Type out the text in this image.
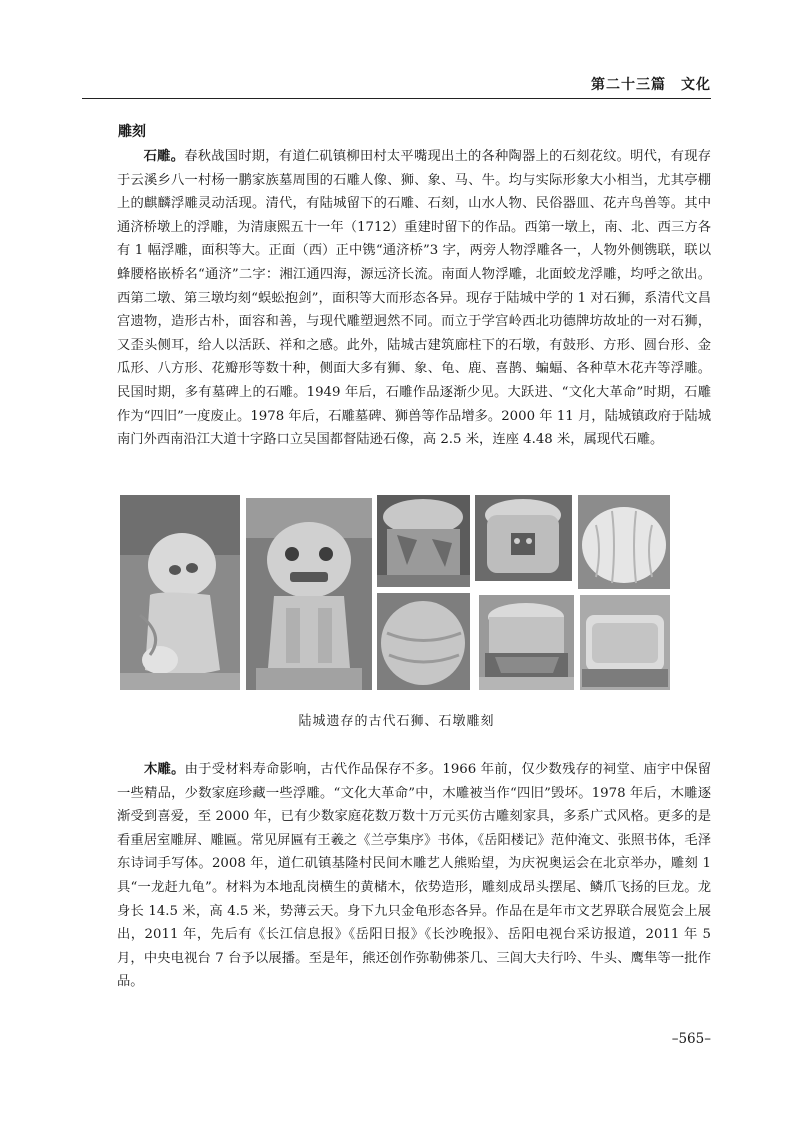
第二十三篇　文化
雕刻

石雕。春秋战国时期，有道仁矶镇柳田村太平嘴现出土的各种陶器上的石刻花纹。明代，有现存于云溪乡八一村杨一鹏家族墓周围的石雕人像、狮、象、马、牛。均与实际形象大小相当，尤其亭棚上的麒麟浮雕灵动活现。清代，有陆城留下的石雕、石刻，山水人物、民俗器皿、花卉鸟兽等。其中通济桥墩上的浮雕，为清康熙五十一年（1712）重建时留下的作品。西第一墩上，南、北、西三方各有 1 幅浮雕，面积等大。正面（西）正中镌“通济桥”3 字，两旁人物浮雕各一，人物外侧镌联，联以蜂腰格嵌桥名“通济”二字：湘江通四海，源远济长流。南面人物浮雕，北面蛟龙浮雕，均呼之欲出。西第二墩、第三墩均刻“蜈蚣抱剑”，面积等大而形态各异。现存于陆城中学的 1 对石狮，系清代文昌宫遗物，造形古朴，面容和善，与现代雕塑迥然不同。而立于学宫岭西北功德牌坊故址的一对石狮，又歪头侧耳，给人以活跃、祥和之感。此外，陆城古建筑廊柱下的石墩，有鼓形、方形、圆台形、金瓜形、八方形、花瓣形等数十种，侧面大多有狮、象、龟、鹿、喜鹊、蝙蝠、各种草木花卉等浮雕。民国时期，多有墓碑上的石雕。1949 年后，石雕作品逐渐少见。大跃进、“文化大革命”时期，石雕作为“四旧”一度废止。1978 年后，石雕墓碑、狮兽等作品增多。2000 年 11 月，陆城镇政府于陆城南门外西南沿江大道十字路口立吴国都督陆逊石像，高 2.5 米，连座 4.48 米，属现代石雕。

陆城遗存的古代石狮、石墩雕刻

木雕。由于受材料寿命影响，古代作品保存不多。1966 年前，仅少数残存的祠堂、庙宇中保留一些精品，少数家庭珍藏一些浮雕。“文化大革命”中，木雕被当作“四旧”毁坏。1978 年后，木雕逐渐受到喜爱，至 2000 年，已有少数家庭花数万数十万元买仿古雕刻家具，多系广式风格。更多的是看重居室雕屏、雕匾。常见屏匾有王羲之《兰亭集序》书体，《岳阳楼记》范仲淹文、张照书体，毛泽东诗词手写体。2008 年，道仁矶镇基隆村民间木雕艺人熊贻望，为庆祝奥运会在北京举办，雕刻 1 具“一龙赶九龟”。材料为本地乱岗横生的黄槠木，依势造形，雕刻成昂头摆尾、鳞爪飞扬的巨龙。龙身长 14.5 米，高 4.5 米，势薄云天。身下九只金龟形态各异。作品在是年市文艺界联合展览会上展出，2011 年，先后有《长江信息报》《岳阳日报》《长沙晚报》、岳阳电视台采访报道，2011 年 5 月，中央电视台 7 台予以展播。至是年，熊还创作弥勒佛茶几、三闾大夫行吟、牛头、鹰隼等一批作品。

–565–
